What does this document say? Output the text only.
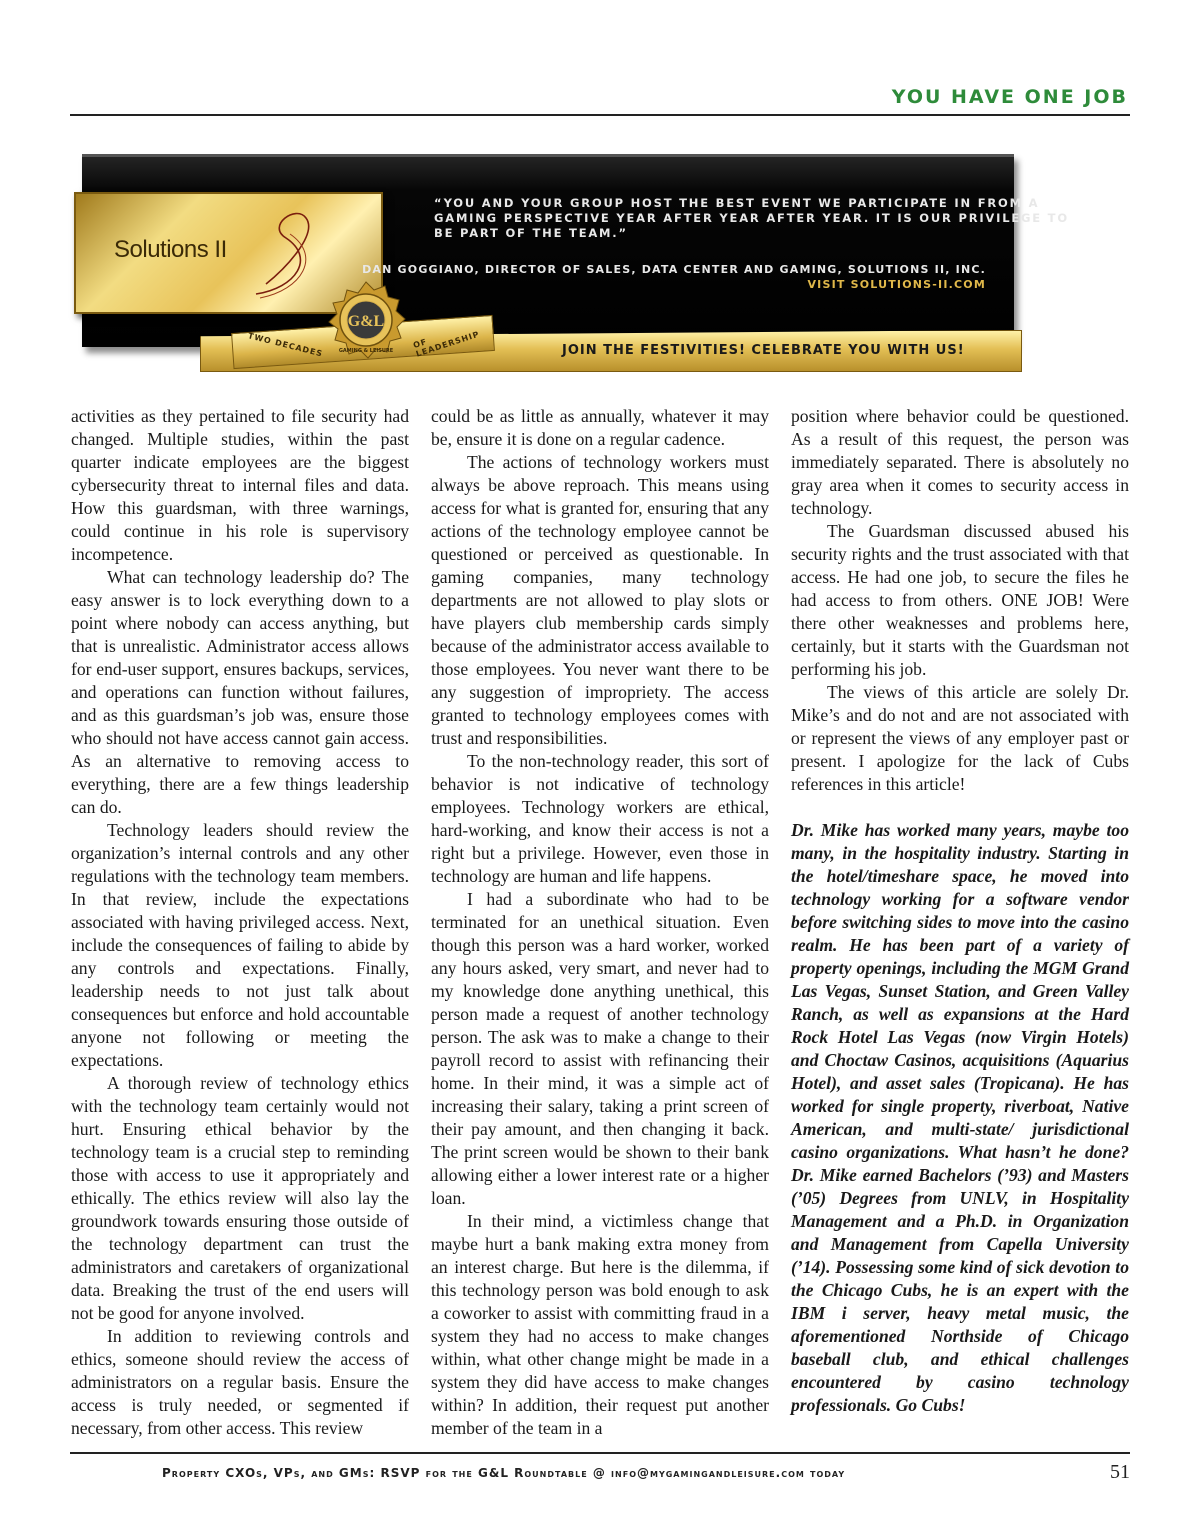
YOU HAVE ONE JOB
Solutions II
“YOU AND YOUR GROUP HOST THE BEST EVENT WE PARTICIPATE IN FROM A GAMING PERSPECTIVE YEAR AFTER YEAR AFTER YEAR. IT IS OUR PRIVILEGE TO BE PART OF THE TEAM.”
DAN GOGGIANO, DIRECTOR OF SALES, DATA CENTER AND GAMING, SOLUTIONS II, INC.
VISIT SOLUTIONS-II.COM
TWO DECADES	OF LEADERSHIP
G&L
GAMING & LEISURE	JOIN THE FESTIVITIES! CELEBRATE YOU WITH US!

activities as they pertained to file security had changed. Multiple studies, within the past quarter indicate employees are the biggest cybersecurity threat to internal files and data. How this guardsman, with three warnings, could continue in his role is supervisory incompetence.

What can technology leadership do? The easy answer is to lock everything down to a point where nobody can access anything, but that is unrealistic. Administrator access allows for end-user support, ensures backups, services, and operations can function without failures, and as this guardsman’s job was, ensure those who should not have access cannot gain access. As an alternative to removing access to everything, there are a few things leadership can do.

Technology leaders should review the organization’s internal controls and any other regulations with the technology team members. In that review, include the expectations associated with having privileged access. Next, include the consequences of failing to abide by any controls and expectations. Finally, leadership needs to not just talk about consequences but enforce and hold accountable anyone not following or meeting the expectations.

A thorough review of technology ethics with the technology team certainly would not hurt. Ensuring ethical behavior by the technology team is a crucial step to reminding those with access to use it appropriately and ethically. The ethics review will also lay the groundwork towards ensuring those outside of the technology department can trust the administrators and caretakers of organizational data. Breaking the trust of the end users will not be good for anyone involved.

In addition to reviewing controls and ethics, someone should review the access of administrators on a regular basis. Ensure the access is truly needed, or segmented if necessary, from other access. This review

could be as little as annually, whatever it may be, ensure it is done on a regular cadence.

The actions of technology workers must always be above reproach. This means using access for what is granted for, ensuring that any actions of the technology employee cannot be questioned or perceived as questionable. In gaming companies, many technology departments are not allowed to play slots or have players club membership cards simply because of the administrator access available to those employees. You never want there to be any suggestion of impropriety. The access granted to technology employees comes with trust and responsibilities.

To the non-technology reader, this sort of behavior is not indicative of technology employees. Technology workers are ethical, hard-working, and know their access is not a right but a privilege. However, even those in technology are human and life happens.

I had a subordinate who had to be terminated for an unethical situation. Even though this person was a hard worker, worked any hours asked, very smart, and never had to my knowledge done anything unethical, this person made a request of another technology person. The ask was to make a change to their payroll record to assist with refinancing their home. In their mind, it was a simple act of increasing their salary, taking a print screen of their pay amount, and then changing it back. The print screen would be shown to their bank allowing either a lower interest rate or a higher loan.

In their mind, a victimless change that maybe hurt a bank making extra money from an interest charge. But here is the dilemma, if this technology person was bold enough to ask a coworker to assist with committing fraud in a system they had no access to make changes within, what other change might be made in a system they did have access to make changes within? In addition, their request put another member of the team in a

position where behavior could be questioned. As a result of this request, the person was immediately separated. There is absolutely no gray area when it comes to security access in technology.

The Guardsman discussed abused his security rights and the trust associated with that access. He had one job, to secure the files he had access to from others. ONE JOB! Were there other weaknesses and problems here, certainly, but it starts with the Guardsman not performing his job.

The views of this article are solely Dr. Mike’s and do not and are not associated with or represent the views of any employer past or present. I apologize for the lack of Cubs references in this article!

Dr. Mike has worked many years, maybe too many, in the hospitality industry. Starting in the hotel/timeshare space, he moved into technology working for a software vendor before switching sides to move into the casino realm. He has been part of a variety of property openings, including the MGM Grand Las Vegas, Sunset Station, and Green Valley Ranch, as well as expansions at the Hard Rock Hotel Las Vegas (now Virgin Hotels) and Choctaw Casinos, acquisitions (Aquarius Hotel), and asset sales (Tropicana). He has worked for single property, riverboat, Native American, and multi-state/ jurisdictional casino organizations. What hasn’t he done? Dr. Mike earned Bachelors (’93) and Masters (’05) Degrees from UNLV, in Hospitality Management and a Ph.D. in Organization and Management from Capella University (’14). Possessing some kind of sick devotion to the Chicago Cubs, he is an expert with the IBM i server, heavy metal music, the aforementioned Northside of Chicago baseball club, and ethical challenges encountered by casino technology professionals. Go Cubs!

Property CXOs, VPs, and GMs: RSVP for the G&L Roundtable @ info@mygamingandleisure.com today	51
